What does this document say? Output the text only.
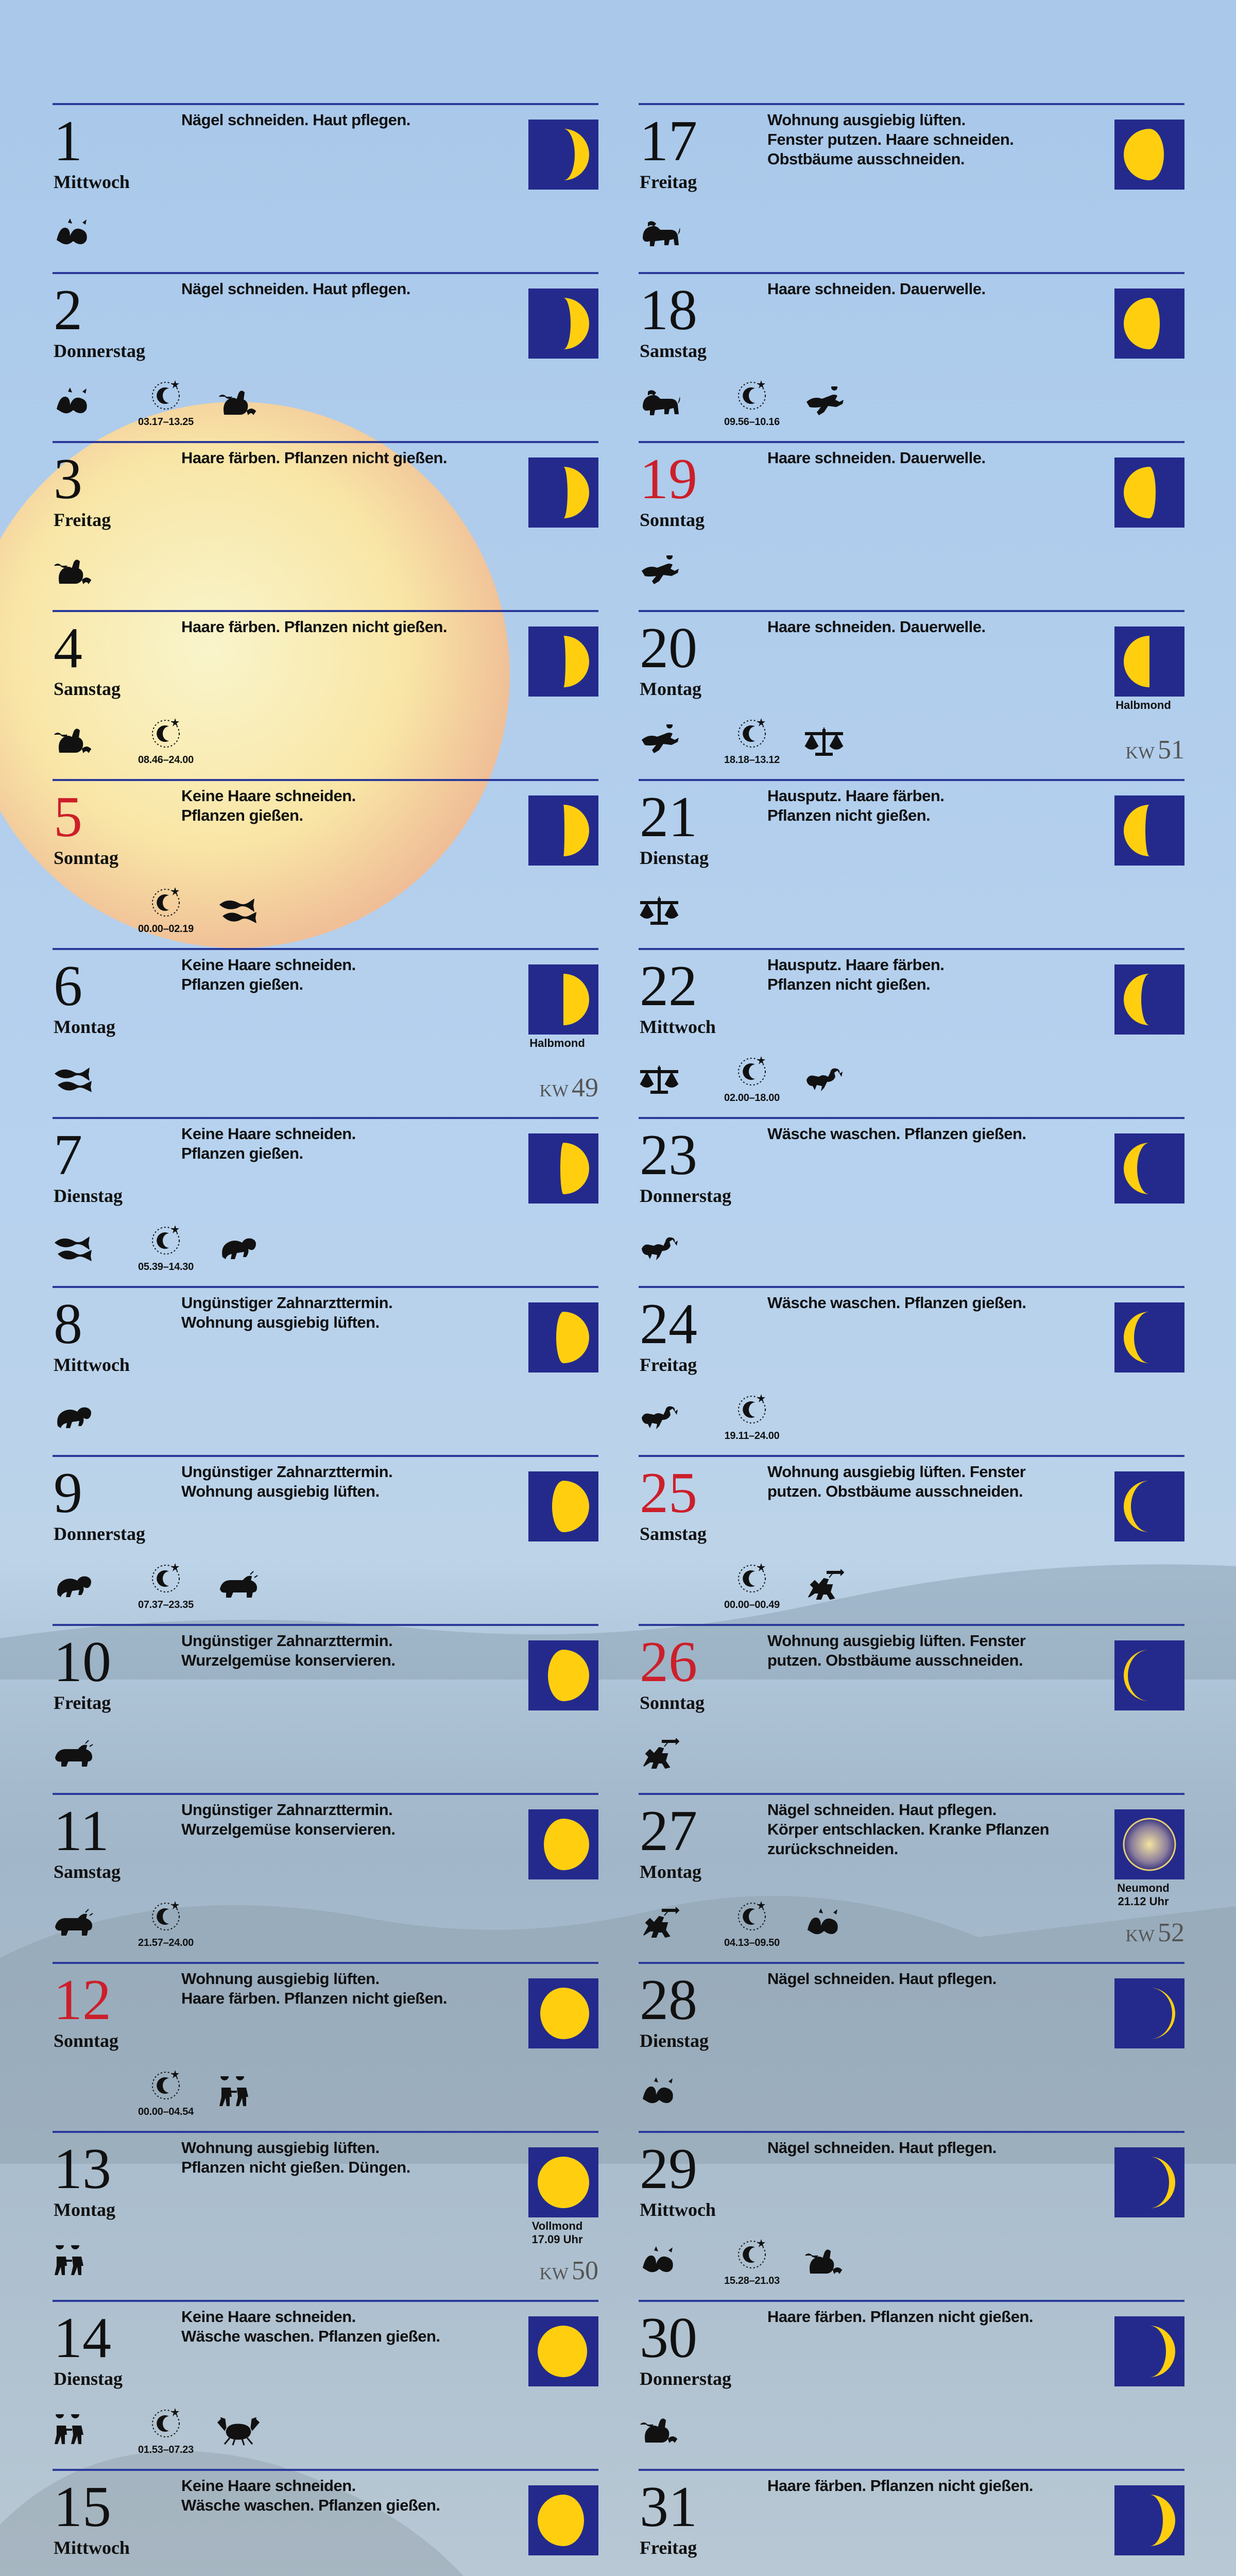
1
Mittwoch
Nägel schneiden. Haut pflegen.
2
Donnerstag
Nägel schneiden. Haut pflegen.
03.17–13.25
3
Freitag
Haare färben. Pflanzen nicht gießen.
4
Samstag
Haare färben. Pflanzen nicht gießen.
08.46–24.00
5
Sonntag
Keine Haare schneiden.
Pflanzen gießen.
00.00–02.19
6
Montag
Keine Haare schneiden.
Pflanzen gießen.
Halbmond
KW 49
7
Dienstag
Keine Haare schneiden.
Pflanzen gießen.
05.39–14.30
8
Mittwoch
Ungünstiger Zahnarzttermin.
Wohnung ausgiebig lüften.
9
Donnerstag
Ungünstiger Zahnarzttermin.
Wohnung ausgiebig lüften.
07.37–23.35
10
Freitag
Ungünstiger Zahnarzttermin.
Wurzelgemüse konservieren.
11
Samstag
Ungünstiger Zahnarzttermin.
Wurzelgemüse konservieren.
21.57–24.00
12
Sonntag
Wohnung ausgiebig lüften.
Haare färben. Pflanzen nicht gießen.
00.00–04.54
13
Montag
Wohnung ausgiebig lüften.
Pflanzen nicht gießen. Düngen.
Vollmond
17.09 Uhr
KW 50
14
Dienstag
Keine Haare schneiden.
Wäsche waschen. Pflanzen gießen.
01.53–07.23
15
Mittwoch
Keine Haare schneiden.
Wäsche waschen. Pflanzen gießen.
17
Freitag
Wohnung ausgiebig lüften.
Fenster putzen. Haare schneiden.
Obstbäume ausschneiden.
18
Samstag
Haare schneiden. Dauerwelle.
09.56–10.16
19
Sonntag
Haare schneiden. Dauerwelle.
20
Montag
Haare schneiden. Dauerwelle.
Halbmond
KW 51
18.18–13.12
21
Dienstag
Hausputz. Haare färben.
Pflanzen nicht gießen.
22
Mittwoch
Hausputz. Haare färben.
Pflanzen nicht gießen.
02.00–18.00
23
Donnerstag
Wäsche waschen. Pflanzen gießen.
24
Freitag
Wäsche waschen. Pflanzen gießen.
19.11–24.00
25
Samstag
Wohnung ausgiebig lüften. Fenster
putzen. Obstbäume ausschneiden.
00.00–00.49
26
Sonntag
Wohnung ausgiebig lüften. Fenster
putzen. Obstbäume ausschneiden.
27
Montag
Nägel schneiden. Haut pflegen.
Körper entschlacken. Kranke Pflanzen
zurückschneiden.
Neumond
21.12 Uhr
KW 52
04.13–09.50
28
Dienstag
Nägel schneiden. Haut pflegen.
29
Mittwoch
Nägel schneiden. Haut pflegen.
15.28–21.03
30
Donnerstag
Haare färben. Pflanzen nicht gießen.
31
Freitag
Haare färben. Pflanzen nicht gießen.
